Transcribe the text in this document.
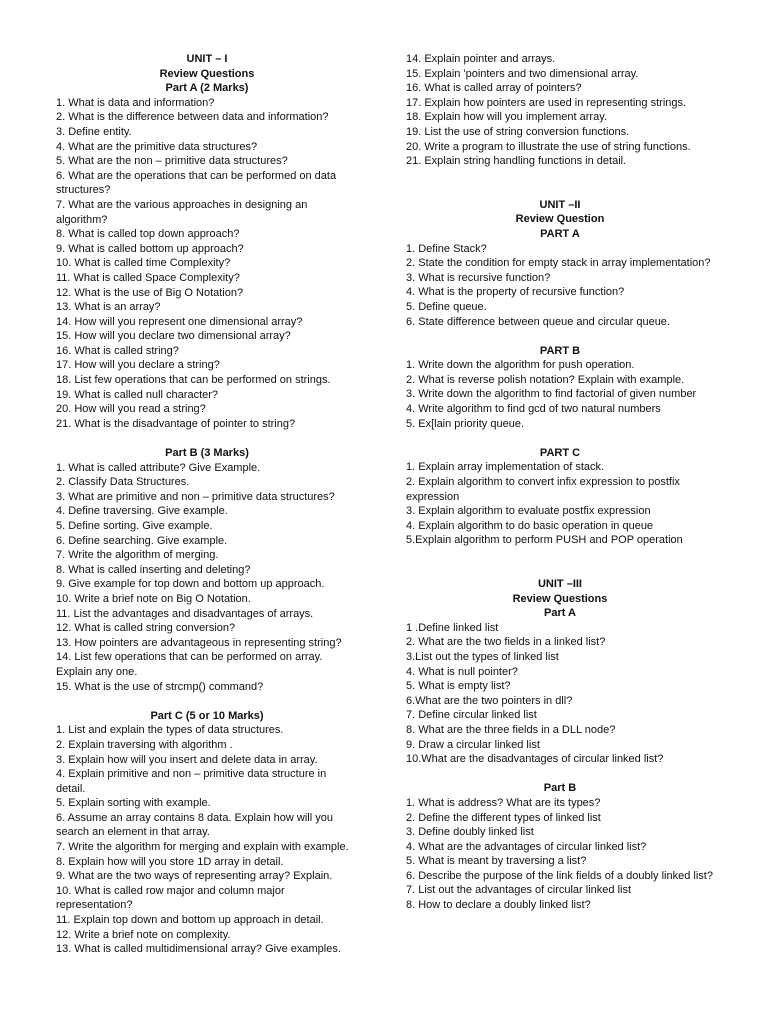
UNIT – I

Review Questions

Part A (2 Marks)

1. What is data and information?
2. What is the difference between data and information?
3. Define entity.
4. What are the primitive data structures?
5. What are the non – primitive data structures?
6. What are the operations that can be performed on data structures?
7. What are the various approaches in designing an algorithm?
8. What is called top down approach?
9. What is called bottom up approach?
10. What is called time Complexity?
11. What is called Space Complexity?
12. What is the use of Big O Notation?
13. What is an array?
14. How will you represent one dimensional array?
15. How will you declare two dimensional array?
16. What is called string?
17. How will you declare a string?
18. List few operations that can be performed on strings.
19. What is called null character?
20. How will you read a string?
21. What is the disadvantage of pointer to string?

Part B (3 Marks)

1. What is called attribute? Give Example.
2. Classify Data Structures.
3. What are primitive and non – primitive data structures?
4. Define traversing. Give example.
5. Define sorting. Give example.
6. Define searching. Give example.
7. Write the algorithm of merging.
8. What is called inserting and deleting?
9. Give example for top down and bottom up approach.
10. Write a brief note on Big O Notation.
11. List the advantages and disadvantages of arrays.
12. What is called string conversion?
13. How pointers are advantageous in representing string?
14. List few operations that can be performed on array. Explain any one.
15. What is the use of strcmp() command?

Part C (5 or 10 Marks)

1. List and explain the types of data structures.
2. Explain traversing with algorithm .
3. Explain how will you insert and delete data in array.
4. Explain primitive and non – primitive data structure in detail.
5. Explain sorting with example.
6. Assume an array contains 8 data. Explain how will you search an element in that array.
7. Write the algorithm for merging and explain with example.
8. Explain how will you store 1D array in detail.
9. What are the two ways of representing array? Explain.
10. What is called row major and column major representation?
11. Explain top down and bottom up approach in detail.
12. Write a brief note on complexity.
13. What is called multidimensional array? Give examples.
14. Explain pointer and arrays.
15. Explain 'pointers and two dimensional array.
16. What is called array of pointers?
17. Explain how pointers are used in representing strings.
18. Explain how will you implement array.
19. List the use of string conversion functions.
20. Write a program to illustrate the use of string functions.
21. Explain string handling functions in detail.

UNIT –II

Review Question

PART A

1. Define Stack?
2. State the condition for empty stack in array implementation?
3. What is recursive function?
4. What is the property of recursive function?
5. Define queue.
6. State difference between queue and circular queue.

PART B

1. Write down the algorithm for push operation.
2. What is reverse polish notation? Explain with example.
3. Write down the algorithm to find factorial of given number
4. Write algorithm to find gcd of two natural numbers
5. Ex[lain priority queue.

PART C

1. Explain array implementation of stack.
2. Explain algorithm to convert infix expression to postfix expression
3. Explain algorithm to evaluate postfix expression
4. Explain algorithm to do basic operation in queue
5.Explain algorithm to perform PUSH and POP operation

UNIT –III

Review Questions

Part A

1 .Define linked list
2. What are the two fields in a linked list?
3.List out the types of linked list
4. What is null pointer?
5. What is empty list?
6.What are the two pointers in dll?
7. Define circular linked list
8. What are the three fields in a DLL node?
9. Draw a circular linked list
10.What are the disadvantages of circular linked list?

Part B

1. What is address? What are its types?
2. Define the different types of linked list
3. Define doubly linked list
4. What are the advantages of circular linked list?
5. What is meant by traversing a list?
6. Describe the purpose of the link fields of a doubly linked list?
7. List out the advantages of circular linked list
8. How to declare a doubly linked list?
